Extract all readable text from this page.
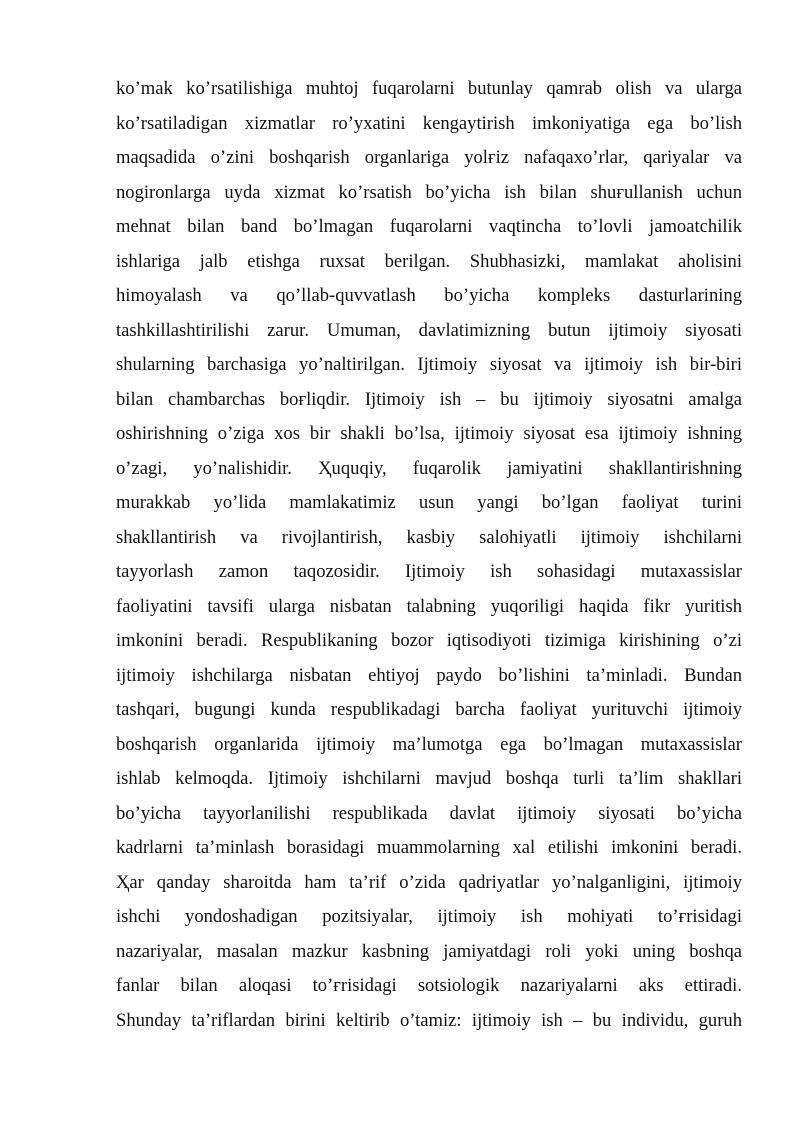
ko’mak ko’rsatilishiga muhtoj fuqarolarni butunlay qamrab olish va ularga
ko’rsatiladigan xizmatlar ro’yxatini kengaytirish imkoniyatiga ega bo’lish
maqsadida o’zini boshqarish organlariga yolғiz nafaqaxo’rlar, qariyalar va
nogironlarga uyda xizmat ko’rsatish bo’yicha ish bilan shuғullanish uchun
mehnat bilan band bo’lmagan fuqarolarni vaqtincha to’lovli jamoatchilik
ishlariga jalb etishga ruxsat berilgan. Shubhasizki, mamlakat aholisini
himoyalash va qo’llab-quvvatlash bo’yicha kompleks dasturlarining
tashkillashtirilishi zarur. Umuman, davlatimizning butun ijtimoiy siyosati
shularning barchasiga yo’naltirilgan. Ijtimoiy siyosat va ijtimoiy ish bir-biri
bilan chambarchas boғliqdir. Ijtimoiy ish – bu ijtimoiy siyosatni amalga
oshirishning o’ziga xos bir shakli bo’lsa, ijtimoiy siyosat esa ijtimoiy ishning
o’zagi, yo’nalishidir. Ҳuquqiy, fuqarolik jamiyatini shakllantirishning
murakkab yo’lida mamlakatimiz usun yangi bo’lgan faoliyat turini
shakllantirish va rivojlantirish, kasbiy salohiyatli ijtimoiy ishchilarni
tayyorlash zamon taqozosidir. Ijtimoiy ish sohasidagi mutaxassislar
faoliyatini tavsifi ularga nisbatan talabning yuqoriligi haqida fikr yuritish
imkonini beradi. Respublikaning bozor iqtisodiyoti tizimiga kirishining o’zi
ijtimoiy ishchilarga nisbatan ehtiyoj paydo bo’lishini ta’minladi. Bundan
tashqari, bugungi kunda respublikadagi barcha faoliyat yurituvchi ijtimoiy
boshqarish organlarida ijtimoiy ma’lumotga ega bo’lmagan mutaxassislar
ishlab kelmoqda. Ijtimoiy ishchilarni mavjud boshqa turli ta’lim shakllari
bo’yicha tayyorlanilishi respublikada davlat ijtimoiy siyosati bo’yicha
kadrlarni ta’minlash borasidagi muammolarning xal etilishi imkonini beradi.
Ҳar qanday sharoitda ham ta’rif o’zida qadriyatlar yo’nalganligini, ijtimoiy
ishchi yondoshadigan pozitsiyalar, ijtimoiy ish mohiyati to’ғrisidagi
nazariyalar, masalan mazkur kasbning jamiyatdagi roli yoki uning boshqa
fanlar bilan aloqasi to’ғrisidagi sotsiologik nazariyalarni aks ettiradi.
Shunday ta’riflardan birini keltirib o’tamiz: ijtimoiy ish – bu individu, guruh
